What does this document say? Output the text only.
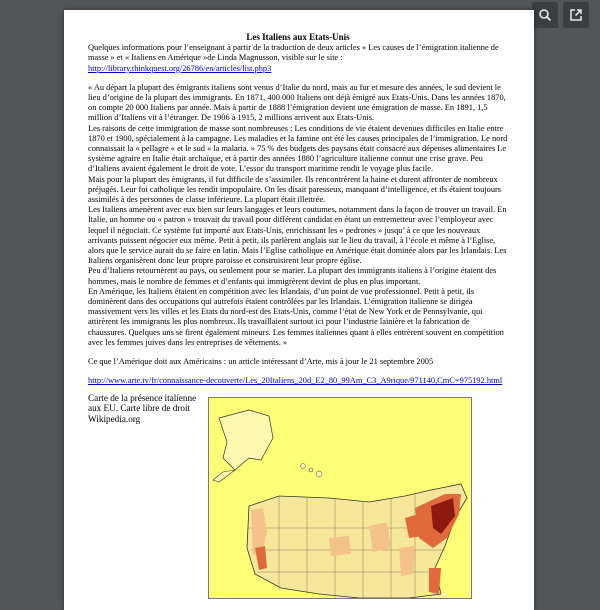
Les Italiens aux Etats-Unis

Quelques informations pour l’enseignant à partir de la traduction de deux articles « Les causes de l’émigration italienne de masse » et « Italiens en Amérique »de Linda Magnusson, visible sur le site :
http://library.thinkquest.org/26786/en/articles/list.php3

« Au départ la plupart des émigrants italiens sont venus d’Italie du nord, mais au fur et mesure des années, le sud devient le lieu d’origine de la plupart des immigrants. En 1871, 400 000 Italiens ont déjà émigré aux Etats-Unis. Dans les années 1870, on compte 20 000 Italiens par année. Mais à partir de 1888 l’émigration devient une émigration de masse. En 1891, 1,5 million d’Italiens vit à l’étranger. De 1906 à 1915, 2 millions arrivent aux Etats-Unis.

Les raisons de cette immigration de masse sont nombreuses : Les conditions de vie étaient devenues difficiles en Italie entre 1870 et 1900, spécialement à la campagne. Les maladies et la famine ont été les causes principales de l’immigration. Le nord connaissait la « pellagre « et le sud « la malaria. » 75 % des budgets des paysans était consacré aux dépenses alimentaires Le système agraire en Italie était archaïque, et à partir des années 1880 l’agriculture italienne connut une crise grave. Peu d’Italiens avaient également le droit de vote. L’essor du transport maritime rendit le voyage plus facile.

Mais pour la plupart des émigrants, il fut difficile de s’assimiler. Ils rencontrèrent la haine et durent affronter de nombreux préjugés. Leur foi catholique les rendit impopulaire. On les disait paresseux, manquant d’intelligence, et ils étaient toujours assimilés à des personnes de classe inférieure. La plupart était illettrée.

Les Italiens amenèrent avec eux bien sur leurs langages et leurs coutumes, notamment dans la façon de trouver un travail. En Italie, un homme ou « patron » trouvait du travail pour différent candidat en étant un entremetteur avec l’employeur avec lequel il négociait. Ce système fut importé aux Etats-Unis, enrichissant les « pedrones » jusqu’ à ce que les nouveaux arrivants puissent négocier eux même. Petit à petit, ils parlèrent anglais sur le lieu du travail, à l’école et même à l’Eglise, alors que le service aurait du se faire en latin. Mais l’Eglise catholique en Amérique était dominée alors par les Irlandais. Les Italiens organisèrent donc leur propre paroisse et construisirent leur propre église.

Peu d’Italiens retournèrent au pays, ou seulement pour se marier. La plupart des immigrants italiens à l’origine étaient des hommes, mais le nombre de femmes et d’enfants qui immigrèrent devint de plus en plus important.

En Amérique, les Italiens étaient en compétition avec les Irlandais, d’un point de vue professionnel. Petit à petit, ils dominèrent dans des occupations qui autrefois étaient contrôlées par les Irlandais. L’émigration italienne se dirigea massivement vers les villes et les Etats du nord-est des Etats-Unis, comme l’état de New York et de Pennsylvanie, qui attirèrent les immigrants les plus nombreux. Ils travaillaient surtout ici pour l’industrie lainière et la fabrication de chaussures. Quelques uns se firent également mineurs. Les femmes italiennes quant à elles entrèrent souvent en compétition avec les femmes juives dans les entreprises de vêtements. »

Ce que l’Amérique doit aux Américains : un article intéressant d’Arte, mis à jour le 21 septembre 2005

http://www.arte.tv/fr/connaissance-decouverte/Les_20Italiens_20d_E2_80_99Am_C3_A9rique/971140,CmC=975192.html

Carte de la présence italienne aux EU. Carte libre de droit Wikipedia.org
